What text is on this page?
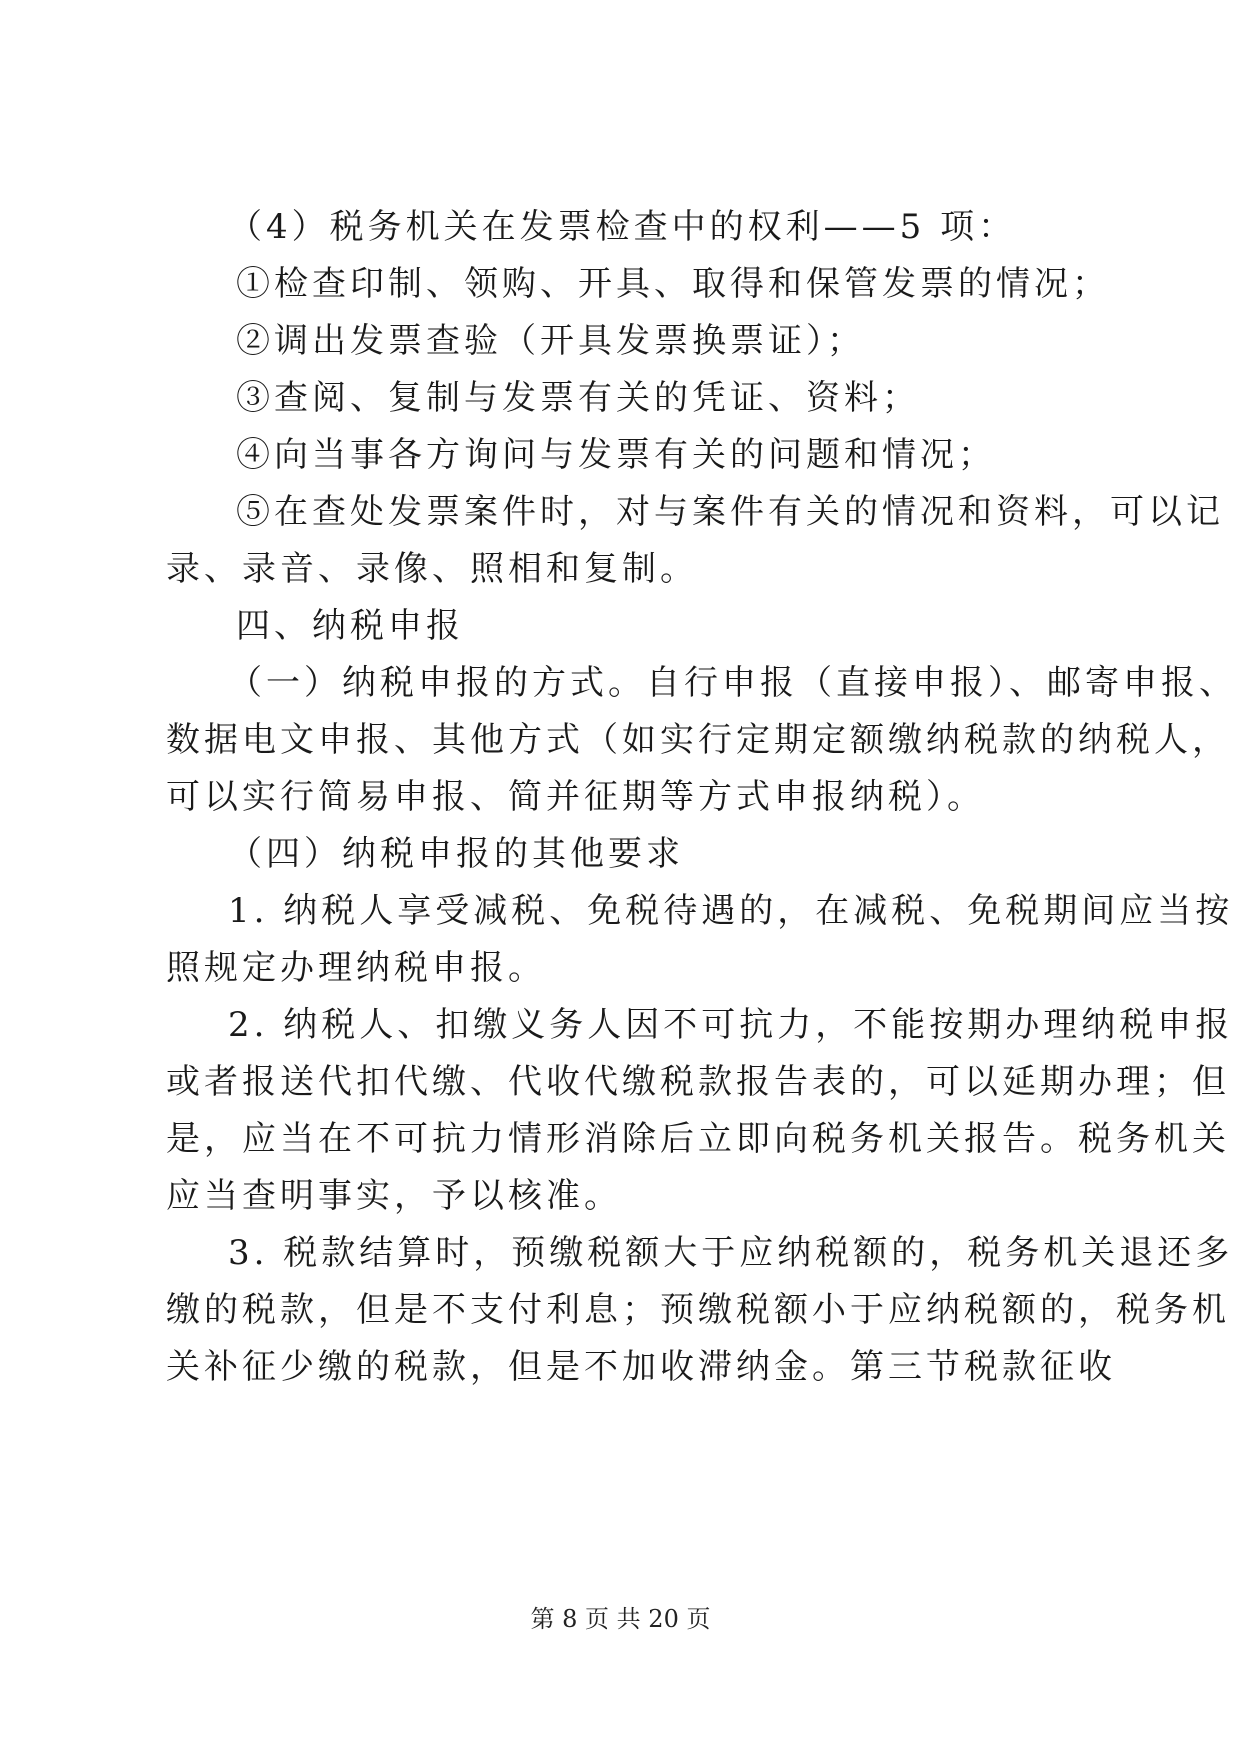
（4）税务机关在发票检查中的权利——5 项：
①检查印制、领购、开具、取得和保管发票的情况；
②调出发票查验（开具发票换票证）；
③查阅、复制与发票有关的凭证、资料；
④向当事各方询问与发票有关的问题和情况；
⑤在查处发票案件时，对与案件有关的情况和资料，可以记
录、录音、录像、照相和复制。
四、纳税申报
（一）纳税申报的方式。自行申报（直接申报）、邮寄申报、
数据电文申报、其他方式（如实行定期定额缴纳税款的纳税人，
可以实行简易申报、简并征期等方式申报纳税）。
（四）纳税申报的其他要求
1. 纳税人享受减税、免税待遇的，在减税、免税期间应当按
照规定办理纳税申报。
2. 纳税人、扣缴义务人因不可抗力，不能按期办理纳税申报
或者报送代扣代缴、代收代缴税款报告表的，可以延期办理；但
是，应当在不可抗力情形消除后立即向税务机关报告。税务机关
应当查明事实，予以核准。
3. 税款结算时，预缴税额大于应纳税额的，税务机关退还多
缴的税款，但是不支付利息；预缴税额小于应纳税额的，税务机
关补征少缴的税款，但是不加收滞纳金。第三节税款征收
第 8 页 共 20 页
